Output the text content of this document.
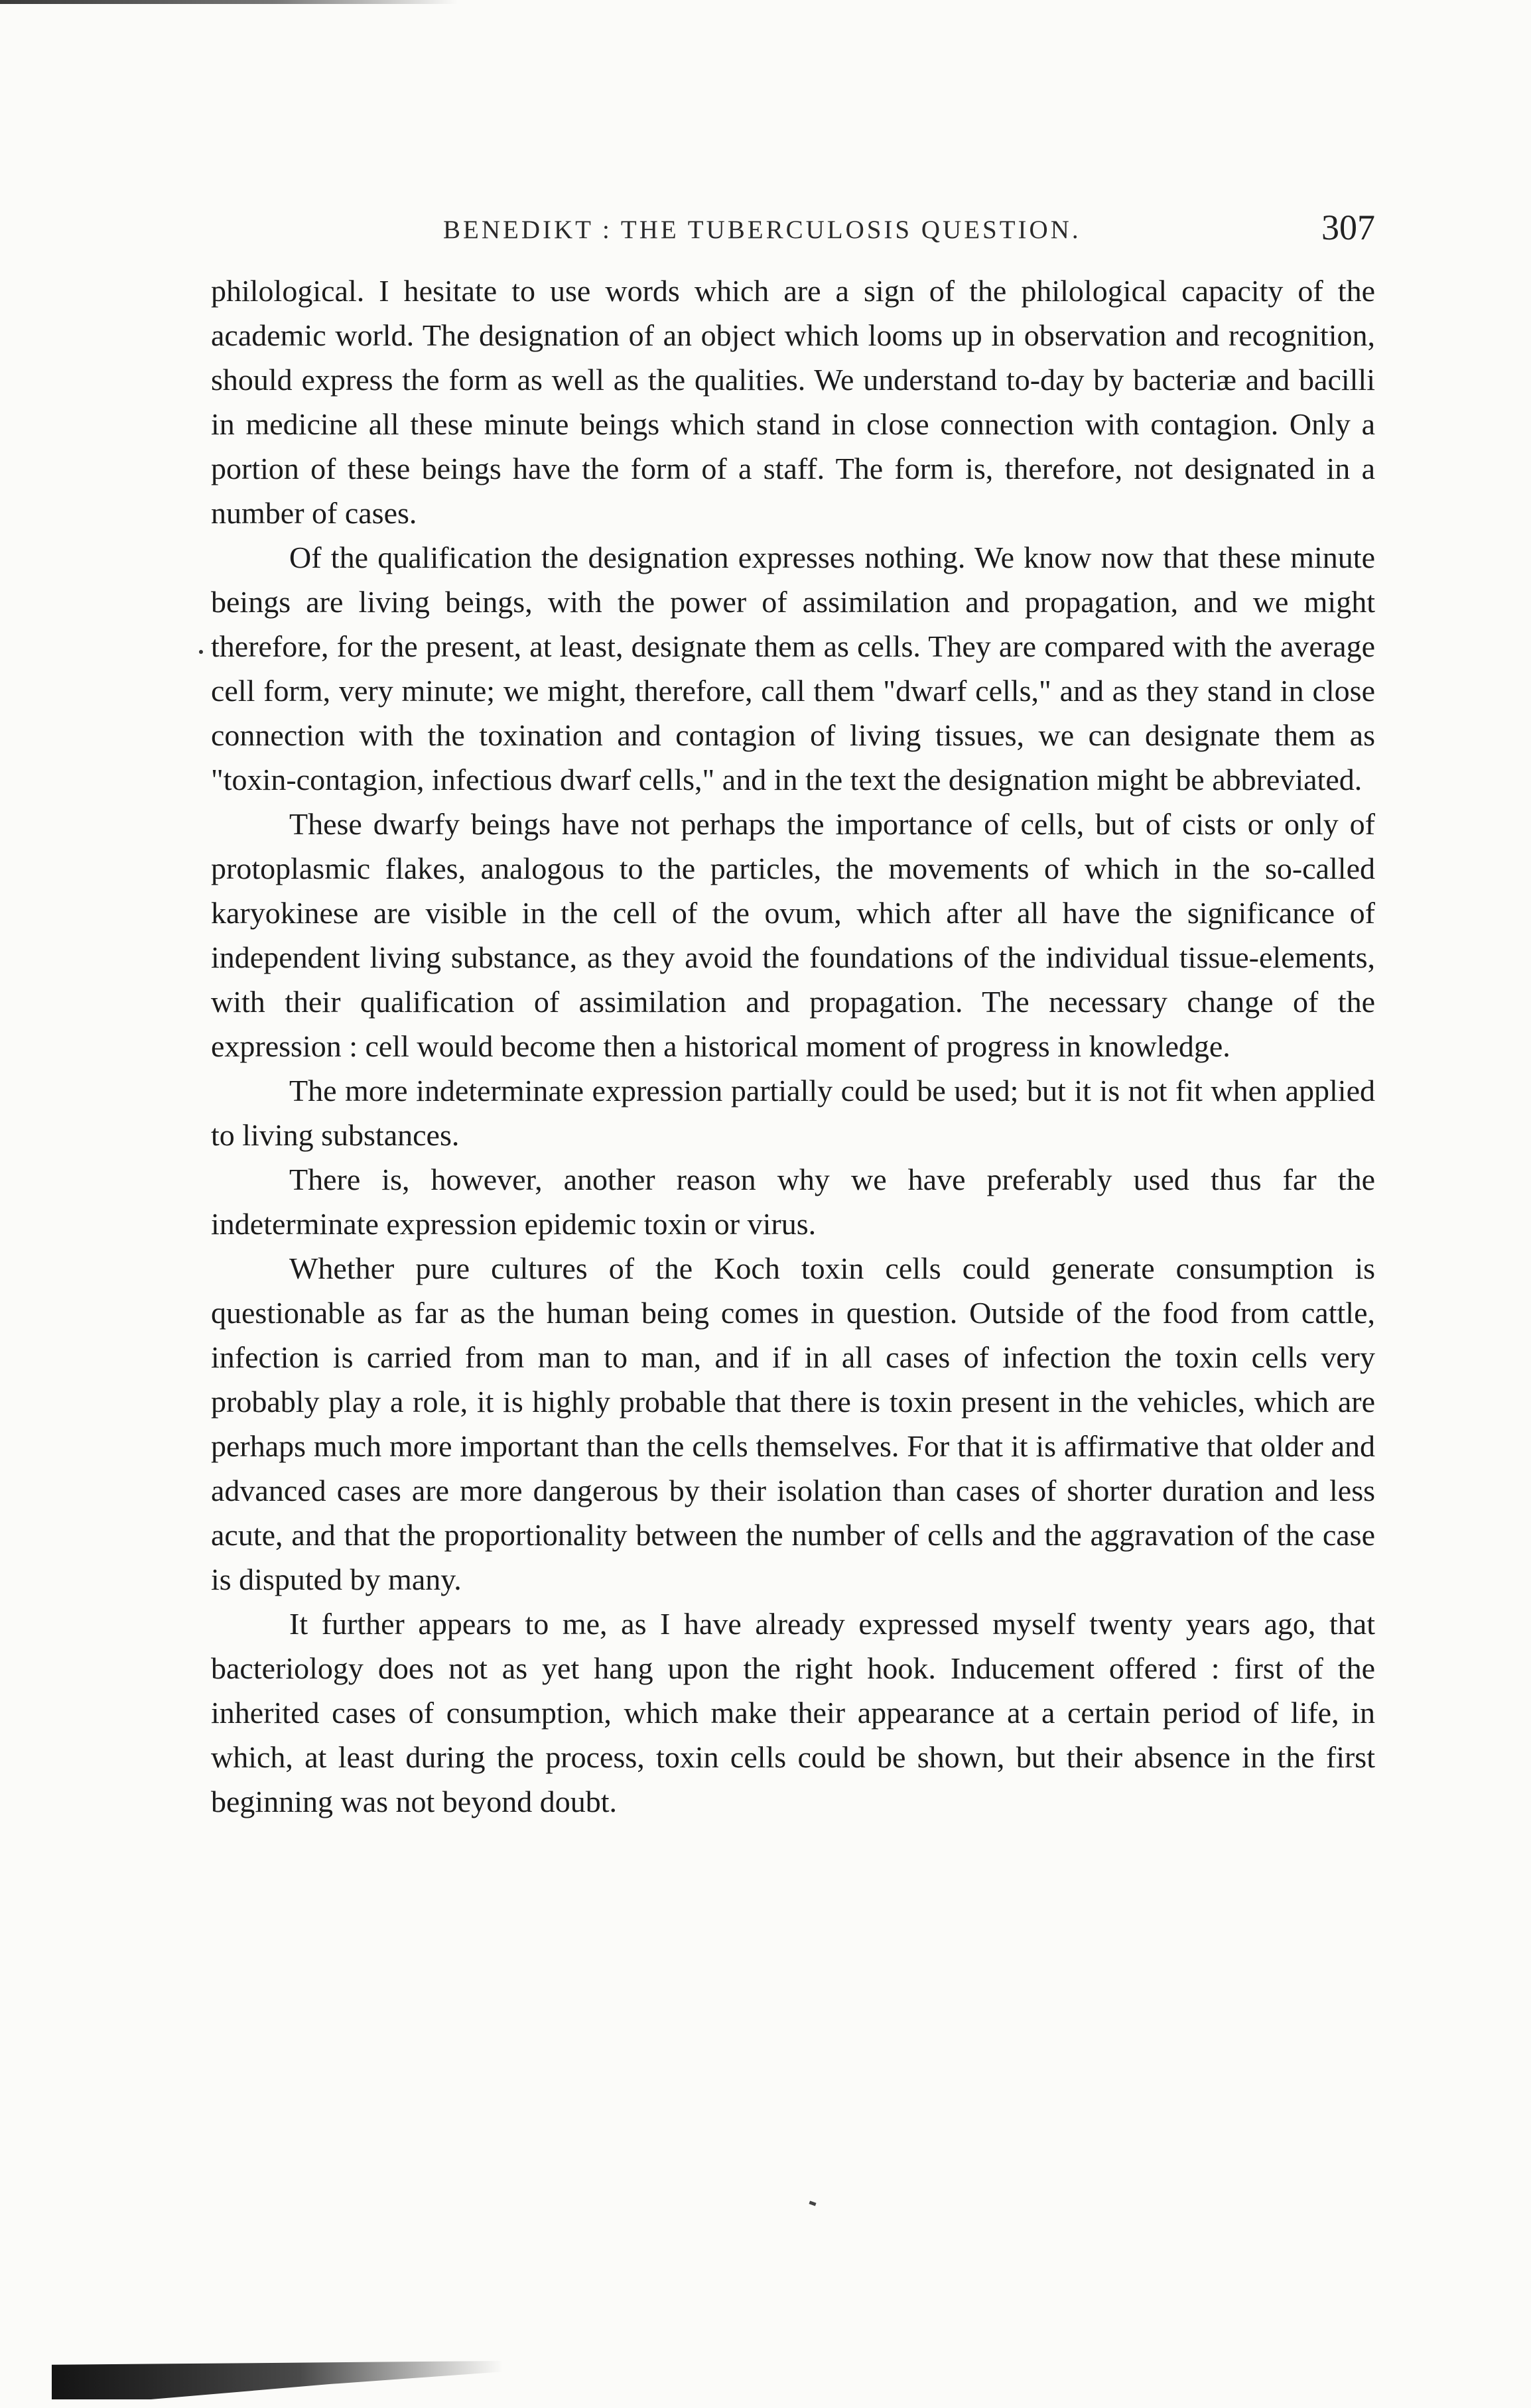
BENEDIKT : THE TUBERCULOSIS QUESTION.	307

philological. I hesitate to use words which are a sign of the philological capacity of the academic world. The designation of an object which looms up in observation and recognition, should express the form as well as the qualities. We understand to-day by bacteriæ and bacilli in medicine all these minute beings which stand in close connection with contagion. Only a portion of these beings have the form of a staff. The form is, therefore, not designated in a number of cases.

Of the qualification the designation expresses nothing. We know now that these minute beings are living beings, with the power of assimilation and propagation, and we might therefore, for the present, at least, designate them as cells. They are compared with the average cell form, very minute; we might, therefore, call them "dwarf cells," and as they stand in close connection with the toxination and contagion of living tissues, we can designate them as "toxin-contagion, infectious dwarf cells," and in the text the designation might be abbreviated.

These dwarfy beings have not perhaps the importance of cells, but of cists or only of protoplasmic flakes, analogous to the particles, the movements of which in the so-called karyokinese are visible in the cell of the ovum, which after all have the significance of independent living substance, as they avoid the foundations of the individual tissue-elements, with their qualification of assimilation and propagation. The necessary change of the expression : cell would become then a historical moment of progress in knowledge.

The more indeterminate expression partially could be used; but it is not fit when applied to living substances.

There is, however, another reason why we have preferably used thus far the indeterminate expression epidemic toxin or virus.

Whether pure cultures of the Koch toxin cells could generate consumption is questionable as far as the human being comes in question. Outside of the food from cattle, infection is carried from man to man, and if in all cases of infection the toxin cells very probably play a role, it is highly probable that there is toxin present in the vehicles, which are perhaps much more important than the cells themselves. For that it is affirmative that older and advanced cases are more dangerous by their isolation than cases of shorter duration and less acute, and that the proportionality between the number of cells and the aggravation of the case is disputed by many.

It further appears to me, as I have already expressed myself twenty years ago, that bacteriology does not as yet hang upon the right hook. Inducement offered : first of the inherited cases of consumption, which make their appearance at a certain period of life, in which, at least during the process, toxin cells could be shown, but their absence in the first beginning was not beyond doubt.
